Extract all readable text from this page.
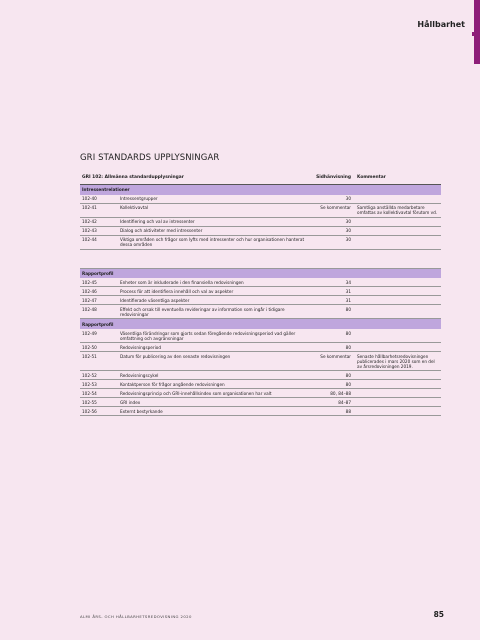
Hållbarhet
GRI STANDARDS UPPLYSNINGAR
GRI 102: Allmänna standardupplysningar		Sidhänvisning	Kommentar
Intressentrelationer			
102-40	Intressentgrupper	30	
102-41	Kollektivavtal	Se kommentar	Samtliga anställda medarbetare omfattas av kollektivavtal förutom vd.
102-42	Identifiering och val av intressenter	30	
102-43	Dialog och aktiviteter med intressenter	30	
102-44	Viktiga områden och frågor som lyfts med intressenter och hur organisationen hanterat dessa områden	30	

Rapportprofil			
102-45	Enheter som är inkluderade i den finansiella redovisningen	34	
102-46	Process för att identifiera innehåll och val av aspekter	31	
102-47	Identifierade väsentliga aspekter	31	
102-48	Effekt och orsak till eventuella revideringar av information som ingår i tidigare redovisningar	80	
Rapportprofil			
102-49	Väsentliga förändringar som gjorts sedan föregående redovisningsperiod vad gäller omfattning och avgränsningar	80	
102-50	Redovisningsperiod	80	
102-51	Datum för publicering av den senaste redovisningen	Se kommentar	Senaste hållbarhetsredovisningen publicerades i mars 2020 som en del av årsredovisningen 2019.
102-52	Redovisningscykel	80	
102-53	Kontaktperson för frågor angående redovisningen	80	
102-54	Redovisningsprincip och GRI-innehållsindex som organisationen har valt	80, 84–88	
102-55	GRI index	84–87	
102-56	Externt bestyrkande	88	
ALMI ÅRS- OCH HÅLLBARHETSREDOVISNING 2020	85
